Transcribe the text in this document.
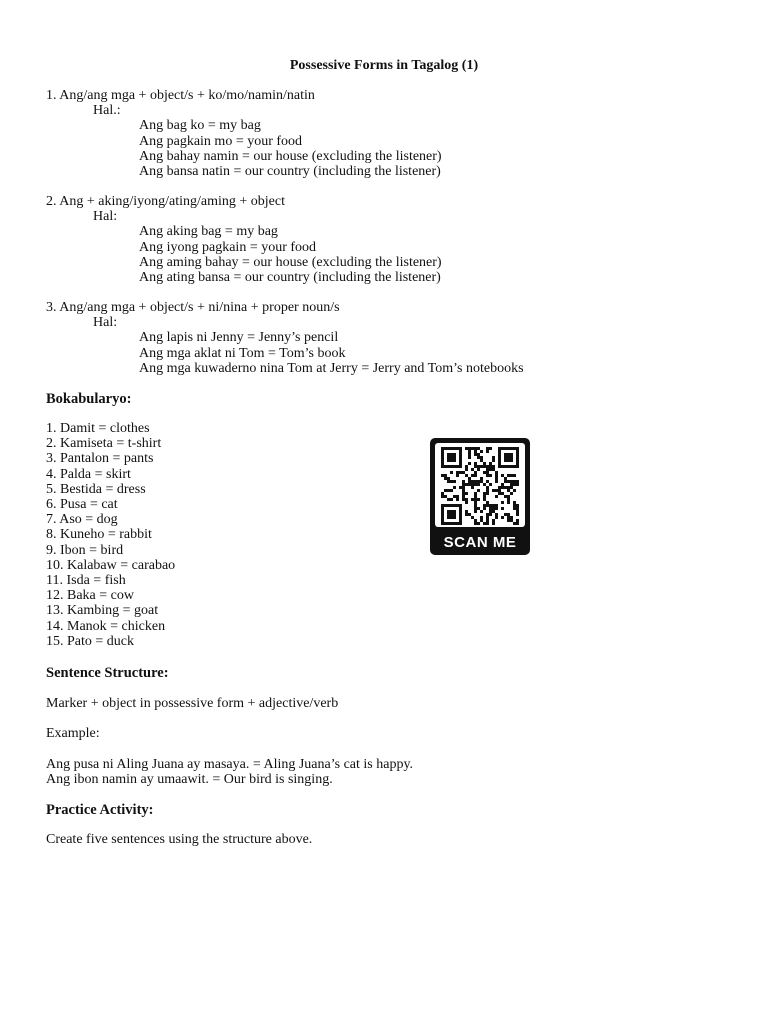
Possessive Forms in Tagalog (1)
1. Ang/ang mga + object/s + ko/mo/namin/natin
Hal.:
Ang bag ko = my bag
Ang pagkain mo = your food
Ang bahay namin = our house (excluding the listener)
Ang bansa natin = our country (including the listener)
2. Ang + aking/iyong/ating/aming + object
Hal:
Ang aking bag = my bag
Ang iyong pagkain = your food
Ang aming bahay = our house (excluding the listener)
Ang ating bansa = our country (including the listener)
3. Ang/ang mga + object/s + ni/nina + proper noun/s
Hal:
Ang lapis ni Jenny = Jenny’s pencil
Ang mga aklat ni Tom = Tom’s book
Ang mga kuwaderno nina Tom at Jerry = Jerry and Tom’s notebooks
Bokabularyo:
1. Damit = clothes
2. Kamiseta = t-shirt
3. Pantalon = pants
4. Palda = skirt
5. Bestida = dress
6. Pusa = cat
7. Aso = dog
8. Kuneho = rabbit
9. Ibon = bird
10. Kalabaw = carabao
11. Isda = fish
12. Baka = cow
13. Kambing = goat
14. Manok = chicken
15. Pato = duck
SCAN ME
Sentence Structure:
Marker + object in possessive form + adjective/verb
Example:
Ang pusa ni Aling Juana ay masaya. = Aling Juana’s cat is happy.
Ang ibon namin ay umaawit. = Our bird is singing.
Practice Activity:
Create five sentences using the structure above.
